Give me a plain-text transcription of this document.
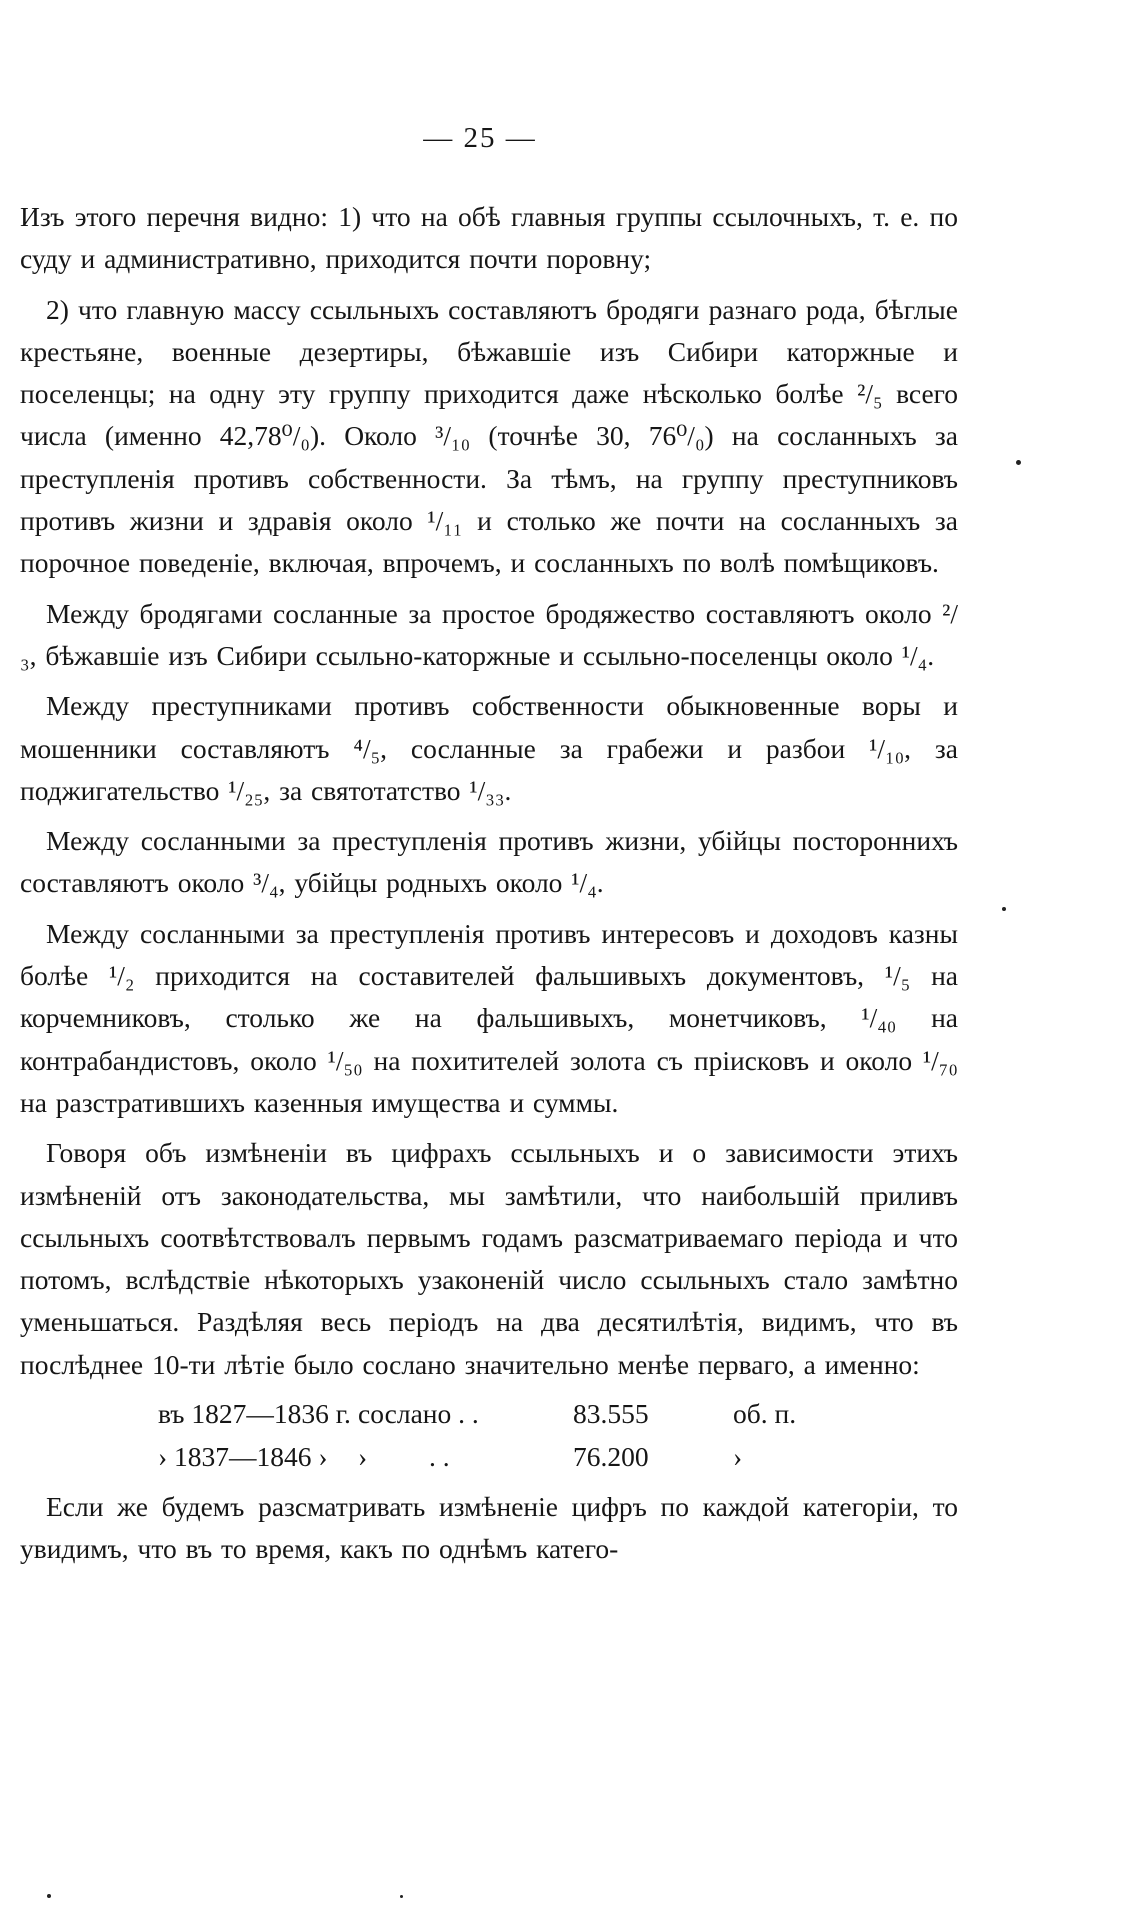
— 25 —

Изъ этого перечня видно: 1) что на обѣ главныя группы ссылочныхъ, т. е. по суду и административно, приходится почти поровну;

2) что главную массу ссыльныхъ составляютъ бродяги разнаго рода, бѣглые крестьяне, военные дезертиры, бѣжавшіе изъ Сибири каторжные и поселенцы; на одну эту группу приходится даже нѣсколько болѣе ²/₅ всего числа (именно 42,78⁰/₀). Около ³/₁₀ (точнѣе 30, 76⁰/₀) на сосланныхъ за преступленія противъ собственности. За тѣмъ, на группу преступниковъ противъ жизни и здравія около ¹/₁₁ и столько же почти на сосланныхъ за порочное поведеніе, включая, впрочемъ, и сосланныхъ по волѣ помѣщиковъ.

Между бродягами сосланные за простое бродяжество составляютъ около ²/₃, бѣжавшіе изъ Сибири ссыльно-каторжные и ссыльно-поселенцы около ¹/₄.

Между преступниками противъ собственности обыкновенные воры и мошенники составляютъ ⁴/₅, сосланные за грабежи и разбои ¹/₁₀, за поджигательство ¹/₂₅, за святотатство ¹/₃₃.

Между сосланными за преступленія противъ жизни, убійцы постороннихъ составляютъ около ³/₄, убійцы родныхъ около ¹/₄.

Между сосланными за преступленія противъ интересовъ и доходовъ казны болѣе ¹/₂ приходится на составителей фальшивыхъ документовъ, ¹/₅ на корчемниковъ, столько же на фальшивыхъ, монетчиковъ, ¹/₄₀ на контрабандистовъ, около ¹/₅₀ на похитителей золота съ пріисковъ и около ¹/₇₀ на разстратившихъ казенныя имущества и суммы.

Говоря объ измѣненіи въ цифрахъ ссыльныхъ и о зависимости этихъ измѣненій отъ законодательства, мы замѣтили, что наибольшій приливъ ссыльныхъ соотвѣтствовалъ первымъ годамъ разсматриваемаго періода и что потомъ, вслѣдствіе нѣкоторыхъ узаконеній число ссыльныхъ стало замѣтно уменьшаться. Раздѣляя весь періодъ на два десятилѣтія, видимъ, что въ послѣднее 10-ти лѣтіе было сослано значительно менѣе перваго, а именно:

въ 1827—1836 г. сослано . .	83.555	об. п.
› 1837—1846 ›	›         . .	76.200	›

Если же будемъ разсматривать измѣненіе цифръ по каждой категоріи, то увидимъ, что въ то время, какъ по однѣмъ катего-
